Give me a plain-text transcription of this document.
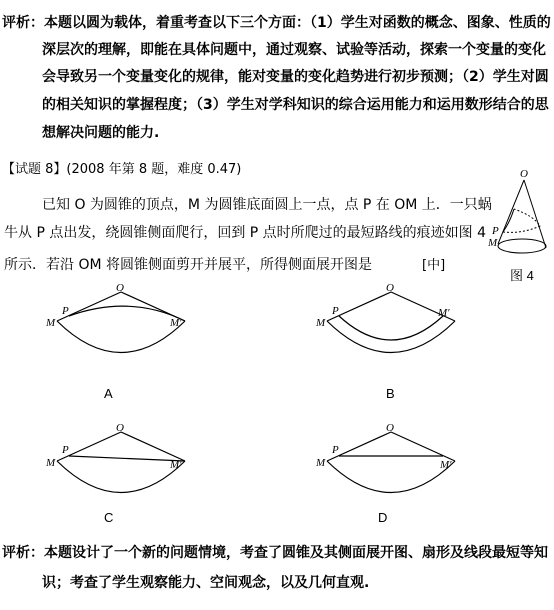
评析：本题以圆为载体，着重考查以下三个方面：（1）学生对函数的概念、图象、性质的
深层次的理解，即能在具体问题中，通过观察、试验等活动，探索一个变量的变化
会导致另一个变量变化的规律，能对变量的变化趋势进行初步预测；（2）学生对圆
的相关知识的掌握程度；（3）学生对学科知识的综合运用能力和运用数形结合的思
想解决问题的能力.
【试题 8】(2008 年第 8 题，难度 0.47)
已知 O 为圆锥的顶点，M 为圆锥底面圆上一点，点 P 在 OM 上．一只蜗
牛从 P 点出发，绕圆锥侧面爬行，回到 P 点时所爬过的最短路线的痕迹如图 4
所示．若沿 OM 将圆锥侧面剪开并展平，所得侧面展开图是	[中]
O
P
M
图 4
O
P
M	M′
A
O
P
M
M′
B
O
P
M	M′
C
O
P
M	M′
D
评析：本题设计了一个新的问题情境，考查了圆锥及其侧面展开图、扇形及线段最短等知
识；考查了学生观察能力、空间观念，以及几何直观.
